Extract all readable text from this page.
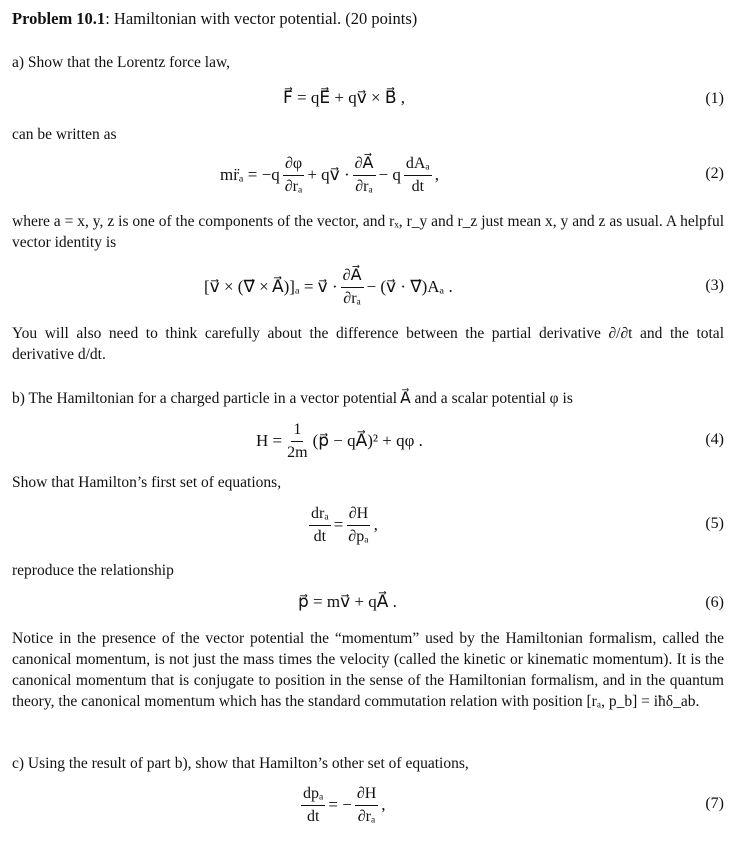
Problem 10.1: Hamiltonian with vector potential. (20 points)
a) Show that the Lorentz force law,
F⃗ = qE⃗ + qv⃗ × B⃗ ,	(1)
can be written as
mr̈ₐ = $-q \frac{\partial\varphi}{\text{∂rₐ}}$ + qv⃗ · $\frac{\partial A⃗}{\text{∂rₐ}} - q \frac{\text{dAₐ}}{dt}$ ,	(2)
where a = x, y, z is one of the components of the vector, and rₓ, r_y and r_z just mean x, y and z as usual. A helpful vector identity is
[v⃗ × (∇⃗ × A⃗)]ₐ = v⃗ · $\frac{\partial A⃗}{\text{∂rₐ}}$ − (v⃗ · ∇⃗)Aₐ .	(3)
You will also need to think carefully about the difference between the partial derivative ∂/∂t and the total derivative d/dt.
b) The Hamiltonian for a charged particle in a vector potential A⃗ and a scalar potential φ is
$H = \frac{1}{2m}$ (p⃗ − qA⃗)² + qφ .	(4)
Show that Hamilton’s first set of equations,
$\frac{\text{drₐ}}{dt} = \frac{\partial H}{\text{∂pₐ}}$ ,	(5)
reproduce the relationship
p⃗ = mv⃗ + qA⃗ .	(6)
Notice in the presence of the vector potential the “momentum” used by the Hamiltonian formalism, called the canonical momentum, is not just the mass times the velocity (called the kinetic or kinematic momentum). It is the canonical momentum that is conjugate to position in the sense of the Hamiltonian formalism, and in the quantum theory, the canonical momentum which has the standard commutation relation with position [rₐ, p_b] = iħδ_ab.
c) Using the result of part b), show that Hamilton’s other set of equations,
$\frac{\text{dpₐ}}{dt}$ = − $\frac{\partial H}{\text{∂rₐ}}$ ,	(7)
